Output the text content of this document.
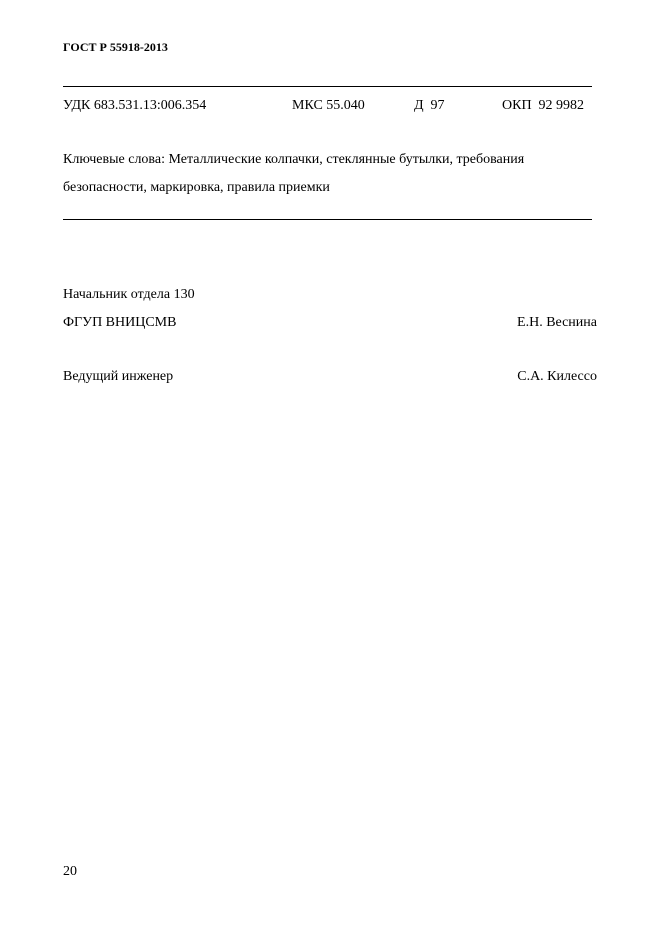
ГОСТ Р 55918-2013
УДК 683.531.13:006.354	МКС 55.040	Д  97	ОКП  92 9982
Ключевые слова: Металлические колпачки, стеклянные бутылки, требования
безопасности, маркировка, правила приемки
Начальник отдела 130
ФГУП ВНИЦСМВ	Е.Н. Веснина
Ведущий инженер	С.А. Килессо
20
